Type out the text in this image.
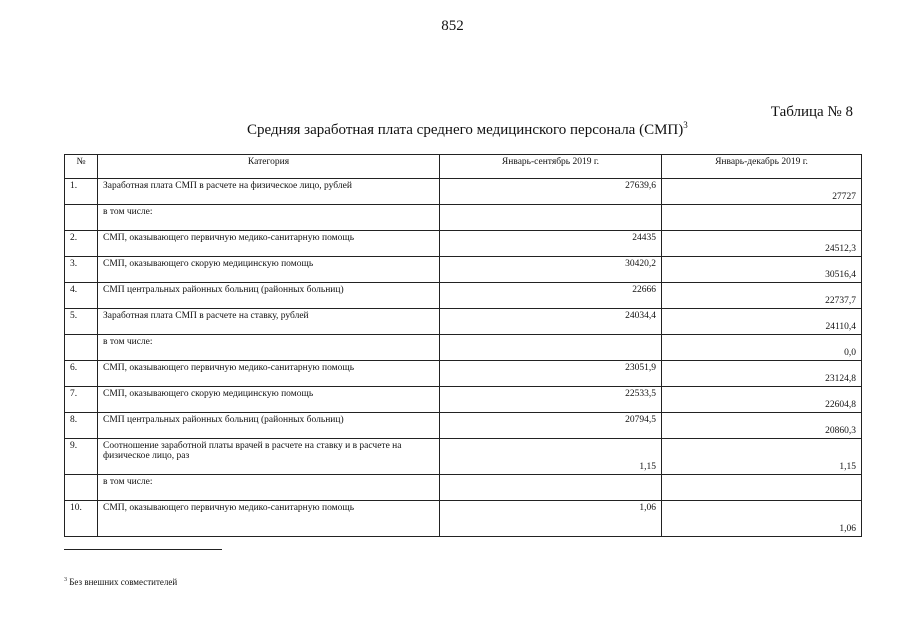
852
Таблица № 8
Средняя заработная плата среднего медицинского персонала (СМП)$^3$
№	Категория	Январь-сентябрь 2019 г.	Январь-декабрь 2019 г.
1.	Заработная плата СМП в расчете на физическое лицо, рублей	27639,6	27727
	в том числе:		
2.	СМП, оказывающего первичную медико-санитарную помощь	24435	24512,3
3.	СМП, оказывающего скорую медицинскую помощь	30420,2	30516,4
4.	СМП центральных районных больниц (районных больниц)	22666	22737,7
5.	Заработная плата СМП в расчете на ставку, рублей	24034,4	24110,4
	в том числе:		0,0
6.	СМП, оказывающего первичную медико-санитарную помощь	23051,9	23124,8
7.	СМП, оказывающего скорую медицинскую помощь	22533,5	22604,8
8.	СМП центральных районных больниц (районных больниц)	20794,5	20860,3
9.	Соотношение заработной платы врачей в расчете на ставку и в расчете на физическое лицо, раз	1,15	1,15
	в том числе:		
10.	СМП, оказывающего первичную медико-санитарную помощь	1,06	1,06
$^3$ Без внешних совместителей
